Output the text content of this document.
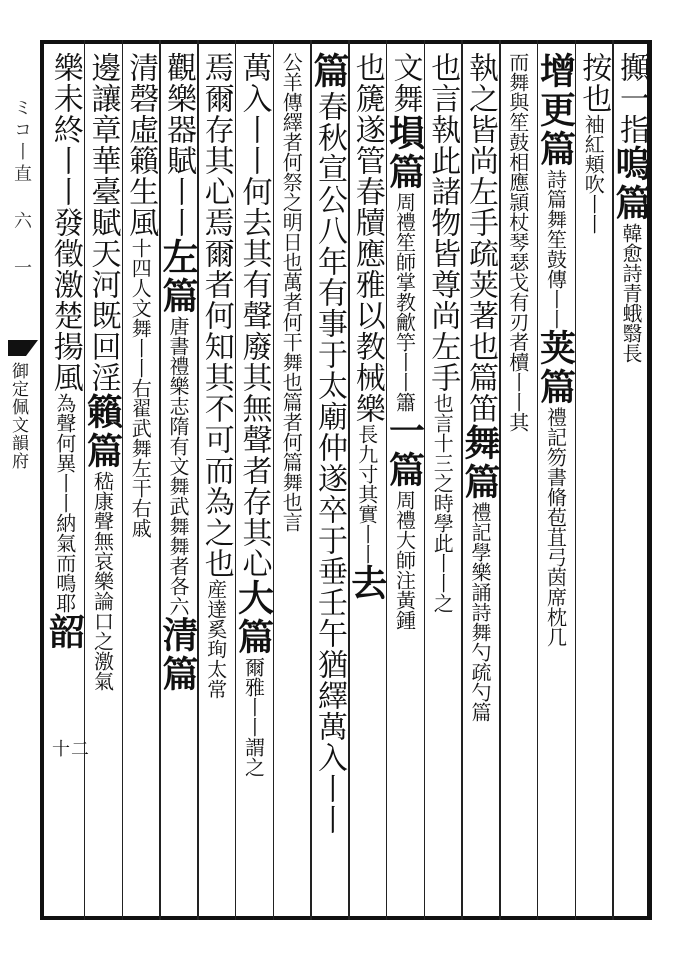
ミコ丨直 六 一
御定佩文韻府
攧一指嗚篇韓愈詩青蛾翳長
按也袖紅頬吹丨丨
增更篇詩篇舞笙鼓傳丨丨荚篇禮記笏書脩苞苴弓茵席枕几
而舞與笙鼓相應頴杖琴瑟戈有刃者櫝丨丨其
執之皆尚左手疏荚著也篇笛舞篇禮記學樂誦詩舞勺疏勺篇
也言執此諸物皆尊尚左手也言十三之時學此丨丨之
文舞塤篇周禮笙師掌教龡竽丨丨簫一篇周禮大師注黃鍾
也篪遂管春牘應雅以教械樂長九寸其實丨丨去
篇春秋宣公八年有事于太廟仲遂卒于垂壬午猶繹萬入丨丨
公羊傳繹者何祭之明日也萬者何干舞也篇者何篇舞也言
萬入丨丨何去其有聲廢其無聲者存其心大篇爾雅丨丨謂之
焉爾存其心焉爾者何知其不可而為之也産達奚珣太常
觀樂器賦丨丨左篇唐書禮樂志隋有文舞武舞舞者各六清篇
清磬虛籟生風十四人文舞丨丨右翟武舞左干右戚
邊讓章華臺賦天河既回淫籟篇嵇康聲無哀樂論口之激氣
樂未終丨丨發徵激楚揚風為聲何異丨丨納氣而鳴耶韶
十二
